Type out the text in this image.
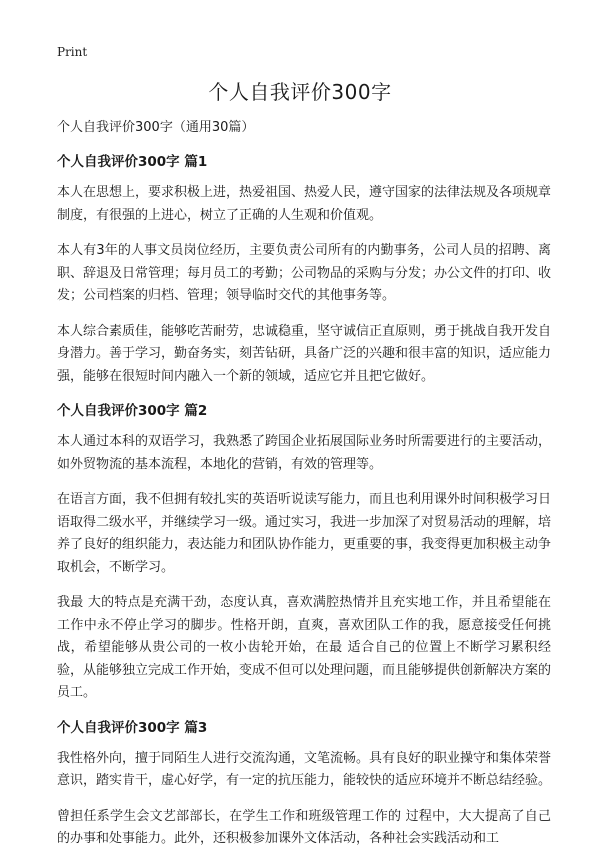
Print
个人自我评价300字
个人自我评价300字（通用30篇）
个人自我评价300字 篇1

本人在思想上，要求积极上进，热爱祖国、热爱人民，遵守国家的法律法规及各项规章制度，有很强的上进心，树立了正确的人生观和价值观。

本人有3年的人事文员岗位经历，主要负责公司所有的内勤事务，公司人员的招聘、离职、辞退及日常管理；每月员工的考勤；公司物品的采购与分发；办公文件的打印、收发；公司档案的归档、管理；领导临时交代的其他事务等。

本人综合素质佳，能够吃苦耐劳，忠诚稳重，坚守诚信正直原则，勇于挑战自我开发自身潜力。善于学习，勤奋务实，刻苦钻研，具备广泛的兴趣和很丰富的知识，适应能力强，能够在很短时间内融入一个新的领域，适应它并且把它做好。

个人自我评价300字 篇2

本人通过本科的双语学习，我熟悉了跨国企业拓展国际业务时所需要进行的主要活动，如外贸物流的基本流程，本地化的营销，有效的管理等。

在语言方面，我不但拥有较扎实的英语听说读写能力，而且也利用课外时间积极学习日语取得二级水平，并继续学习一级。通过实习，我进一步加深了对贸易活动的理解，培养了良好的组织能力，表达能力和团队协作能力，更重要的事，我变得更加积极主动争取机会，不断学习。

我最 大的特点是充满干劲，态度认真，喜欢满腔热情并且充实地工作，并且希望能在工作中永不停止学习的脚步。性格开朗，直爽，喜欢团队工作的我，愿意接受任何挑战，希望能够从贵公司的一枚小齿轮开始，在最 适合自己的位置上不断学习累积经验，从能够独立完成工作开始，变成不但可以处理问题，而且能够提供创新解决方案的员工。

个人自我评价300字 篇3

我性格外向，擅于同陌生人进行交流沟通，文笔流畅。具有良好的职业操守和集体荣誉意识，踏实肯干，虚心好学，有一定的抗压能力，能较快的适应环境并不断总结经验。

曾担任系学生会文艺部部长，在学生工作和班级管理工作的 过程中，大大提高了自己的办事和处事能力。此外，还积极参加课外文体活动，各种社会实践活动和工
